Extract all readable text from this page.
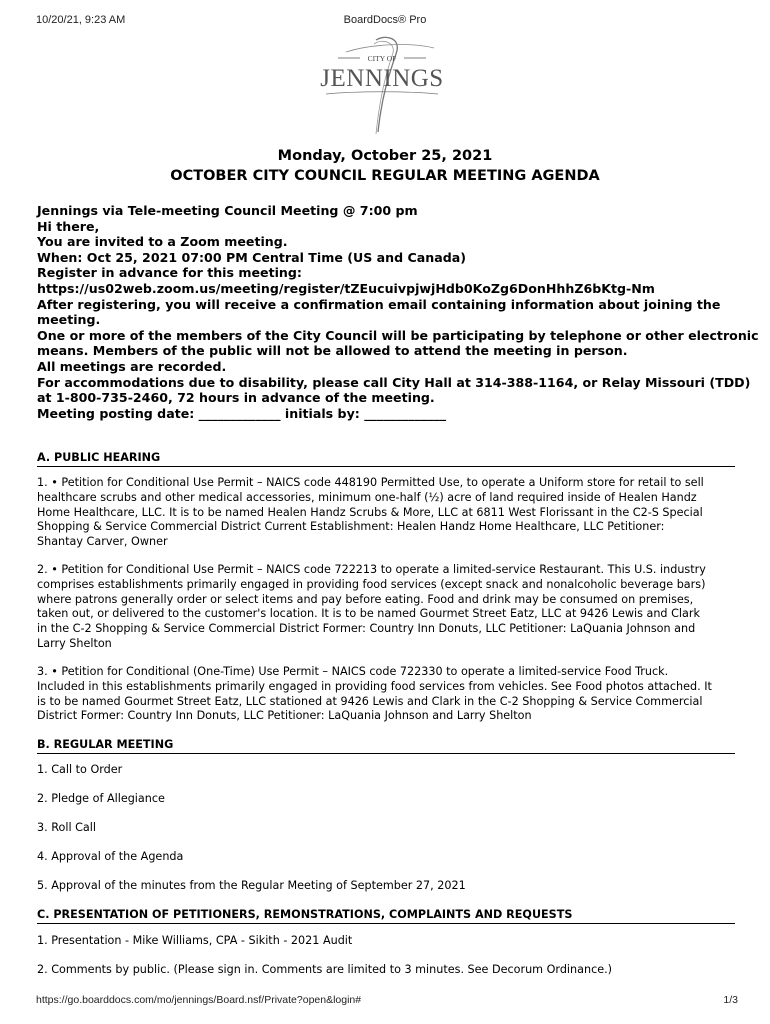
10/20/21, 9:23 AM	BoardDocs® Pro
CITY OF
JENNINGS
Monday, October 25, 2021
OCTOBER CITY COUNCIL REGULAR MEETING AGENDA
Jennings via Tele-meeting Council Meeting @ 7:00 pm
Hi there,
You are invited to a Zoom meeting.
When: Oct 25, 2021 07:00 PM Central Time (US and Canada)
Register in advance for this meeting:
https://us02web.zoom.us/meeting/register/tZEucuivpjwjHdb0KoZg6DonHhhZ6bKtg-Nm
After registering, you will receive a confirmation email containing information about joining the
meeting.
One or more of the members of the City Council will be participating by telephone or other electronic
means. Members of the public will not be allowed to attend the meeting in person.
All meetings are recorded.
For accommodations due to disability, please call City Hall at 314-388-1164, or Relay Missouri (TDD)
at 1-800-735-2460, 72 hours in advance of the meeting.
Meeting posting date: _____________ initials by: _____________
A. PUBLIC HEARING
1. • Petition for Conditional Use Permit – NAICS code 448190 Permitted Use, to operate a Uniform store for retail to sell
healthcare scrubs and other medical accessories, minimum one-half (½) acre of land required inside of Healen Handz
Home Healthcare, LLC. It is to be named Healen Handz Scrubs & More, LLC at 6811 West Florissant in the C2-S Special
Shopping & Service Commercial District Current Establishment: Healen Handz Home Healthcare, LLC Petitioner:
Shantay Carver, Owner
2. • Petition for Conditional Use Permit – NAICS code 722213 to operate a limited-service Restaurant. This U.S. industry
comprises establishments primarily engaged in providing food services (except snack and nonalcoholic beverage bars)
where patrons generally order or select items and pay before eating. Food and drink may be consumed on premises,
taken out, or delivered to the customer's location. It is to be named Gourmet Street Eatz, LLC at 9426 Lewis and Clark
in the C-2 Shopping & Service Commercial District Former: Country Inn Donuts, LLC Petitioner: LaQuania Johnson and
Larry Shelton
3. • Petition for Conditional (One-Time) Use Permit – NAICS code 722330 to operate a limited-service Food Truck.
Included in this establishments primarily engaged in providing food services from vehicles. See Food photos attached. It
is to be named Gourmet Street Eatz, LLC stationed at 9426 Lewis and Clark in the C-2 Shopping & Service Commercial
District Former: Country Inn Donuts, LLC Petitioner: LaQuania Johnson and Larry Shelton
B. REGULAR MEETING
1. Call to Order
2. Pledge of Allegiance
3. Roll Call
4. Approval of the Agenda
5. Approval of the minutes from the Regular Meeting of September 27, 2021
C. PRESENTATION OF PETITIONERS, REMONSTRATIONS, COMPLAINTS AND REQUESTS
1. Presentation - Mike Williams, CPA - Sikith - 2021 Audit
2. Comments by public. (Please sign in. Comments are limited to 3 minutes. See Decorum Ordinance.)
https://go.boarddocs.com/mo/jennings/Board.nsf/Private?open&login#	1/3
